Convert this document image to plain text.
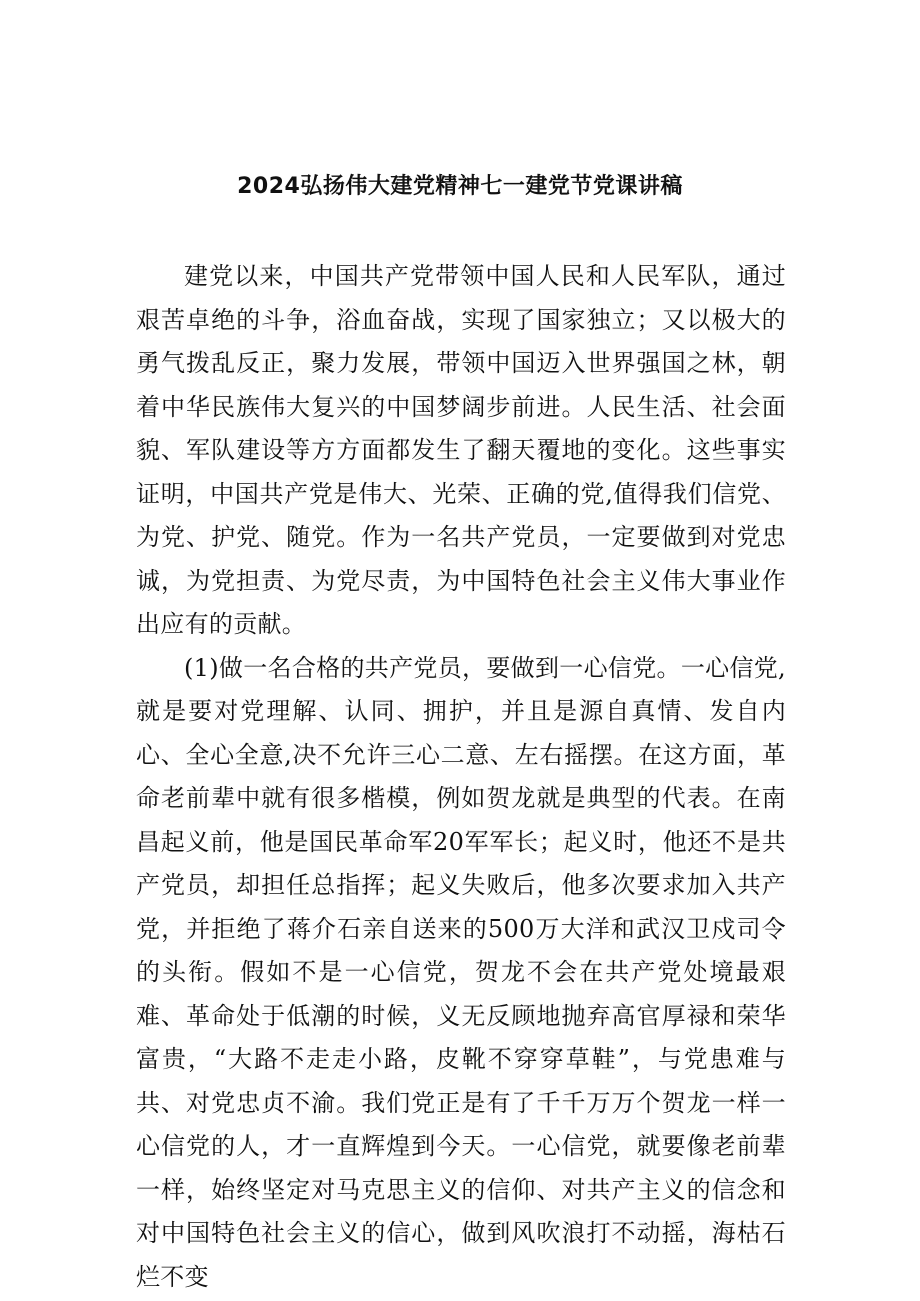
2024弘扬伟大建党精神七一建党节党课讲稿

建党以来，中国共产党带领中国人民和人民军队，通过艰苦卓绝的斗争，浴血奋战，实现了国家独立；又以极大的勇气拨乱反正，聚力发展，带领中国迈入世界强国之林，朝着中华民族伟大复兴的中国梦阔步前进。人民生活、社会面貌、军队建设等方方面都发生了翻天覆地的变化。这些事实证明，中国共产党是伟大、光荣、正确的党,值得我们信党、为党、护党、随党。作为一名共产党员，一定要做到对党忠诚，为党担责、为党尽责，为中国特色社会主义伟大事业作出应有的贡献。

(1)做一名合格的共产党员，要做到一心信党。一心信党,就是要对党理解、认同、拥护，并且是源自真情、发自内心、全心全意,决不允许三心二意、左右摇摆。在这方面，革命老前辈中就有很多楷模，例如贺龙就是典型的代表。在南昌起义前，他是国民革命军20军军长；起义时，他还不是共产党员，却担任总指挥；起义失败后，他多次要求加入共产党，并拒绝了蒋介石亲自送来的500万大洋和武汉卫戍司令的头衔。假如不是一心信党，贺龙不会在共产党处境最艰难、革命处于低潮的时候，义无反顾地抛弃高官厚禄和荣华富贵，“大路不走走小路，皮靴不穿穿草鞋”，与党患难与共、对党忠贞不渝。我们党正是有了千千万万个贺龙一样一心信党的人，才一直辉煌到今天。一心信党，就要像老前辈一样，始终坚定对马克思主义的信仰、对共产主义的信念和对中国特色社会主义的信心，做到风吹浪打不动摇，海枯石烂不变
